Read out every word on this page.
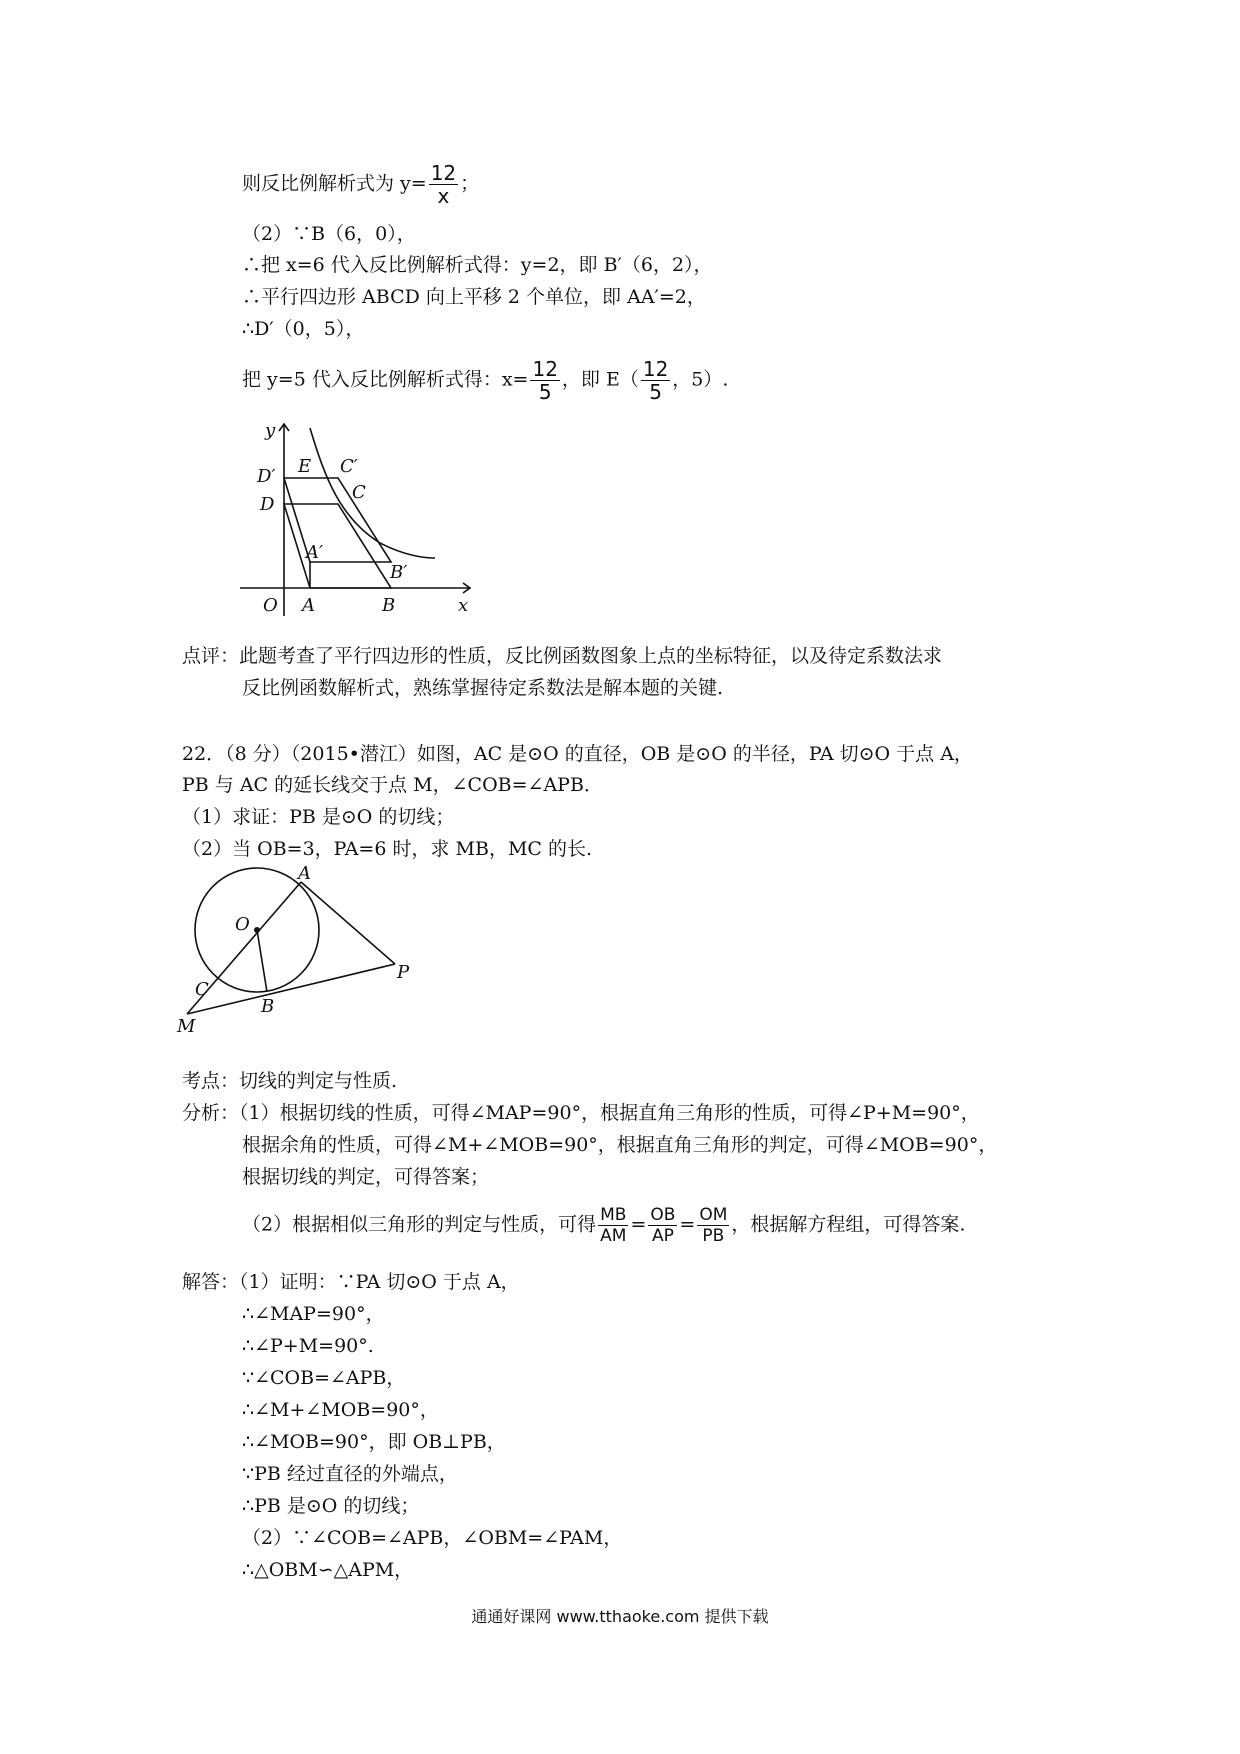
则反比例解析式为 $y= \frac{12}{x}$ ；
（2）∵B（6，0），
∴把 x=6 代入反比例解析式得：y=2，即 B′（6，2），
∴平行四边形 ABCD 向上平移 2 个单位，即 AA′=2，
∴D′（0，5），
把 y=5 代入反比例解析式得：$x= \frac{12}{5}$ ，即 $E( \frac{12}{5}$ ，5）.
y
x
O A	B
D
D′ E C′
C
A′
B′
点评：此题考查了平行四边形的性质，反比例函数图象上点的坐标特征，以及待定系数法求
反比例函数解析式，熟练掌握待定系数法是解本题的关键.
22．（8 分）（2015•潜江）如图，AC 是⊙O 的直径，OB 是⊙O 的半径，PA 切⊙O 于点 A，
PB 与 AC 的延长线交于点 M，∠COB=∠APB．
（1）求证：PB 是⊙O 的切线；
（2）当 OB=3，PA=6 时，求 MB，MC 的长.
A
O
P
C
B
M
考点：切线的判定与性质.
分析：（1）根据切线的性质，可得∠MAP=90°，根据直角三角形的性质，可得∠P+M=90°，
根据余角的性质，可得∠M+∠MOB=90°，根据直角三角形的判定，可得∠MOB=90°，
根据切线的判定，可得答案；
（2）根据相似三角形的判定与性质，可得 $\frac{MB}{AM} = \frac{OB}{AP} = \frac{OM}{PB}$ ，根据解方程组，可得答案.
解答：（1）证明：∵PA 切⊙O 于点 A，
∴∠MAP=90°，
∴∠P+M=90°.
∵∠COB=∠APB，
∴∠M+∠MOB=90°，
∴∠MOB=90°，即 OB⊥PB，
∵PB 经过直径的外端点，
∴PB 是⊙O 的切线；
（2）∵∠COB=∠APB，∠OBM=∠PAM，
∴△OBM∽△APM，
通通好课网 www.tthaoke.com 提供下载
